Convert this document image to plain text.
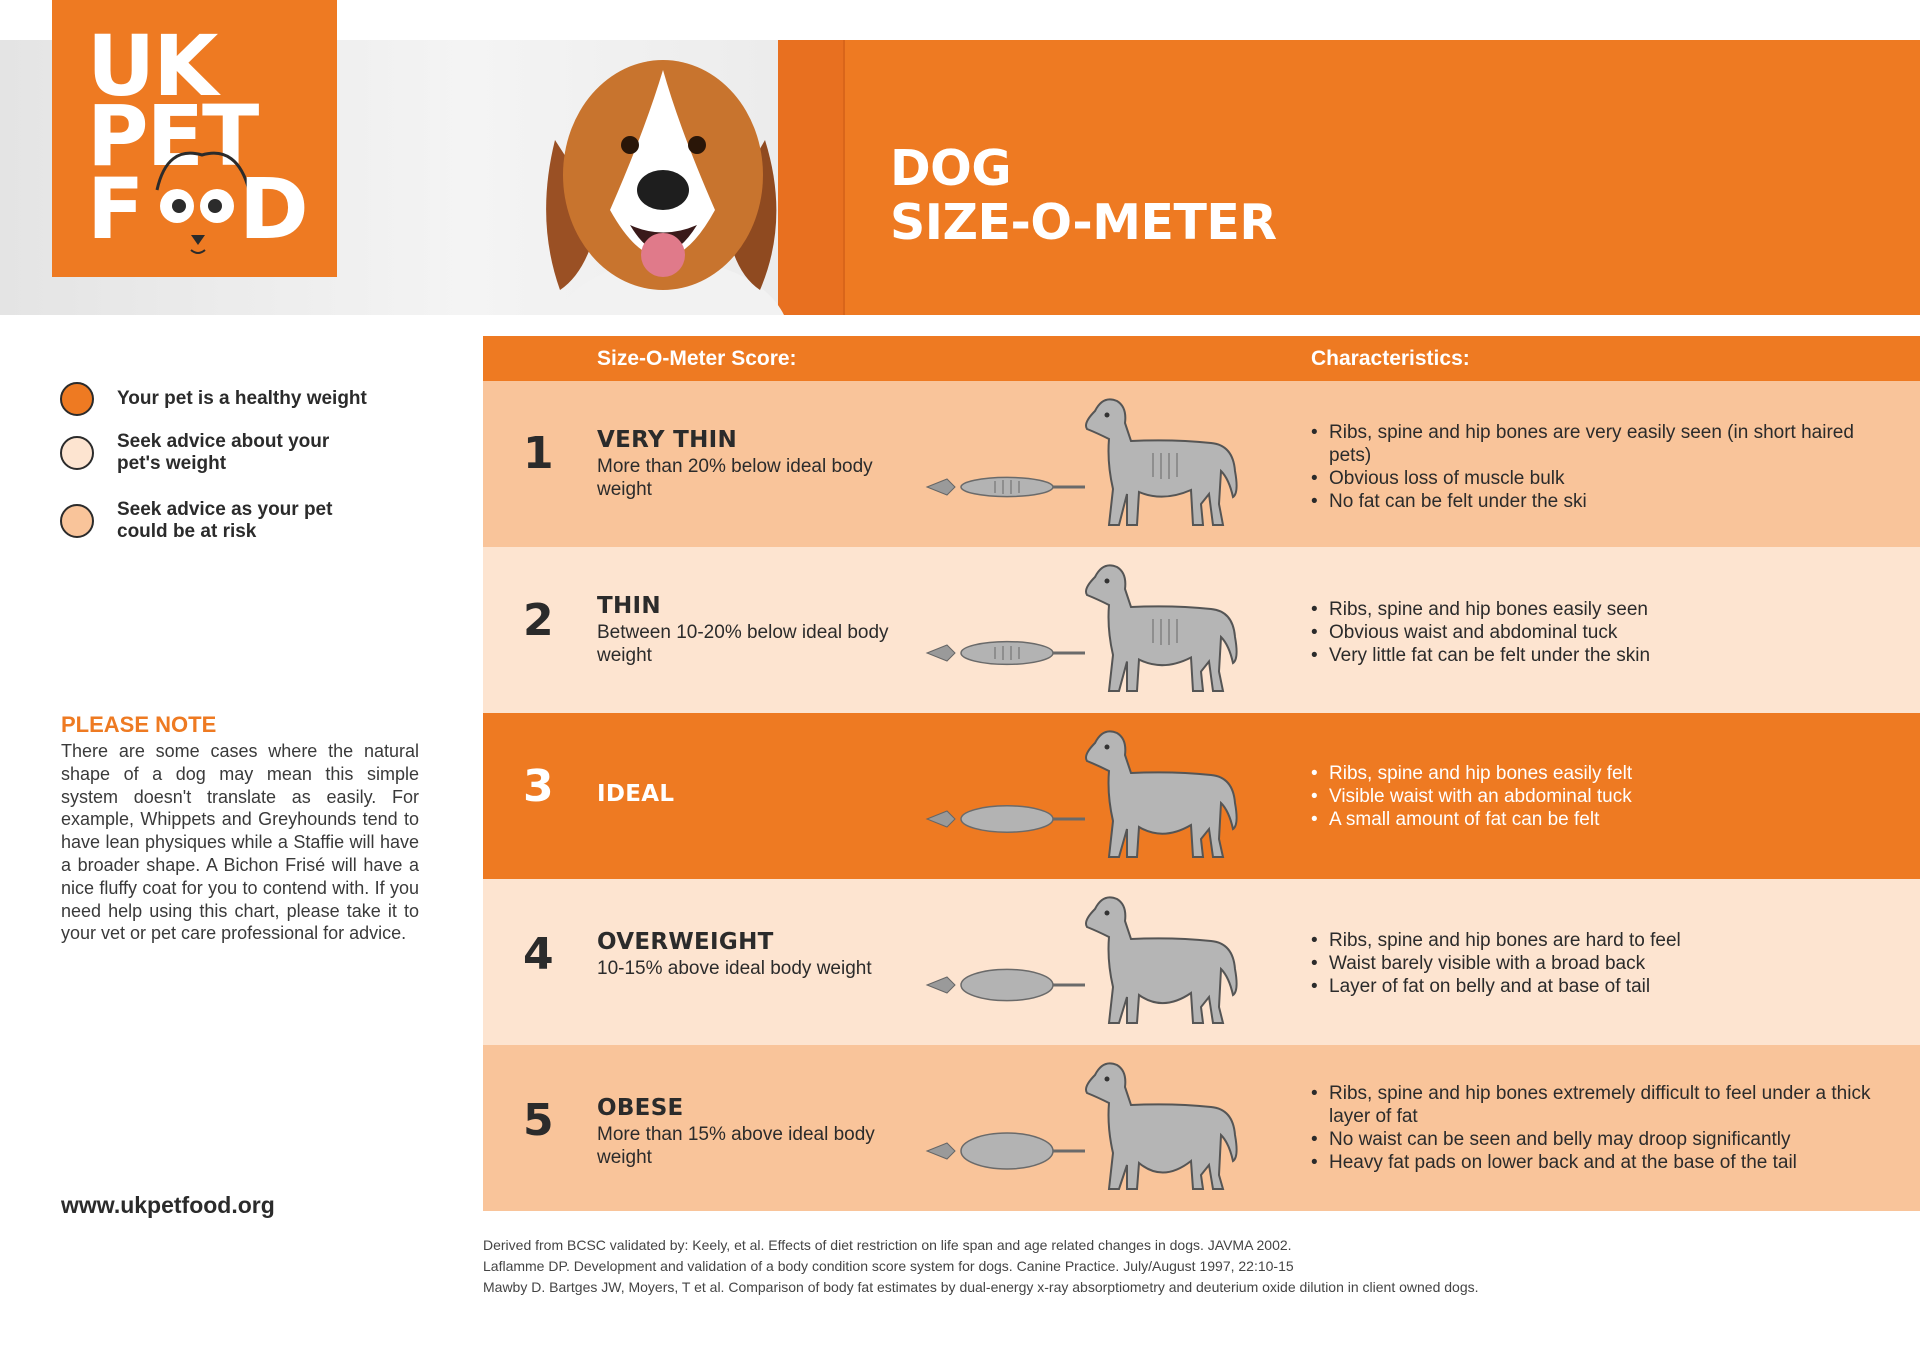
UK
PET
F D	DOG
SIZE-O-METER
Your pet is a healthy weight
Seek advice about your pet's weight
Seek advice as your pet could be at risk
PLEASE NOTE

There are some cases where the natural shape of a dog may mean this simple system doesn't translate as easily. For example, Whippets and Greyhounds tend to have lean physiques while a Staffie will have a broader shape. A Bichon Frisé will have a nice fluffy coat for you to contend with. If you need help using this chart, please take it to your vet or pet care professional for advice.

www.ukpetfood.org
Size-O-Meter Score:	Characteristics:
1 VERY THIN
More than 20% below ideal body weight
• Ribs, spine and hip bones are very easily seen (in short haired pets)
• Obvious loss of muscle bulk
• No fat can be felt under the ski
2 THIN
Between 10-20% below ideal body weight
• Ribs, spine and hip bones easily seen
• Obvious waist and abdominal tuck
• Very little fat can be felt under the skin
3 IDEAL
• Ribs, spine and hip bones easily felt
• Visible waist with an abdominal tuck
• A small amount of fat can be felt
4 OVERWEIGHT
10-15% above ideal body weight
• Ribs, spine and hip bones are hard to feel
• Waist barely visible with a broad back
• Layer of fat on belly and at base of tail
5 OBESE
More than 15% above ideal body weight
• Ribs, spine and hip bones extremely difficult to feel under a thick layer of fat
• No waist can be seen and belly may droop significantly
• Heavy fat pads on lower back and at the base of the tail
Derived from BCSC validated by: Keely, et al. Effects of diet restriction on life span and age related changes in dogs. JAVMA 2002.
Laflamme DP. Development and validation of a body condition score system for dogs. Canine Practice. July/August 1997, 22:10-15
Mawby D. Bartges JW, Moyers, T et al. Comparison of body fat estimates by dual-energy x-ray absorptiometry and deuterium oxide dilution in client owned dogs.
